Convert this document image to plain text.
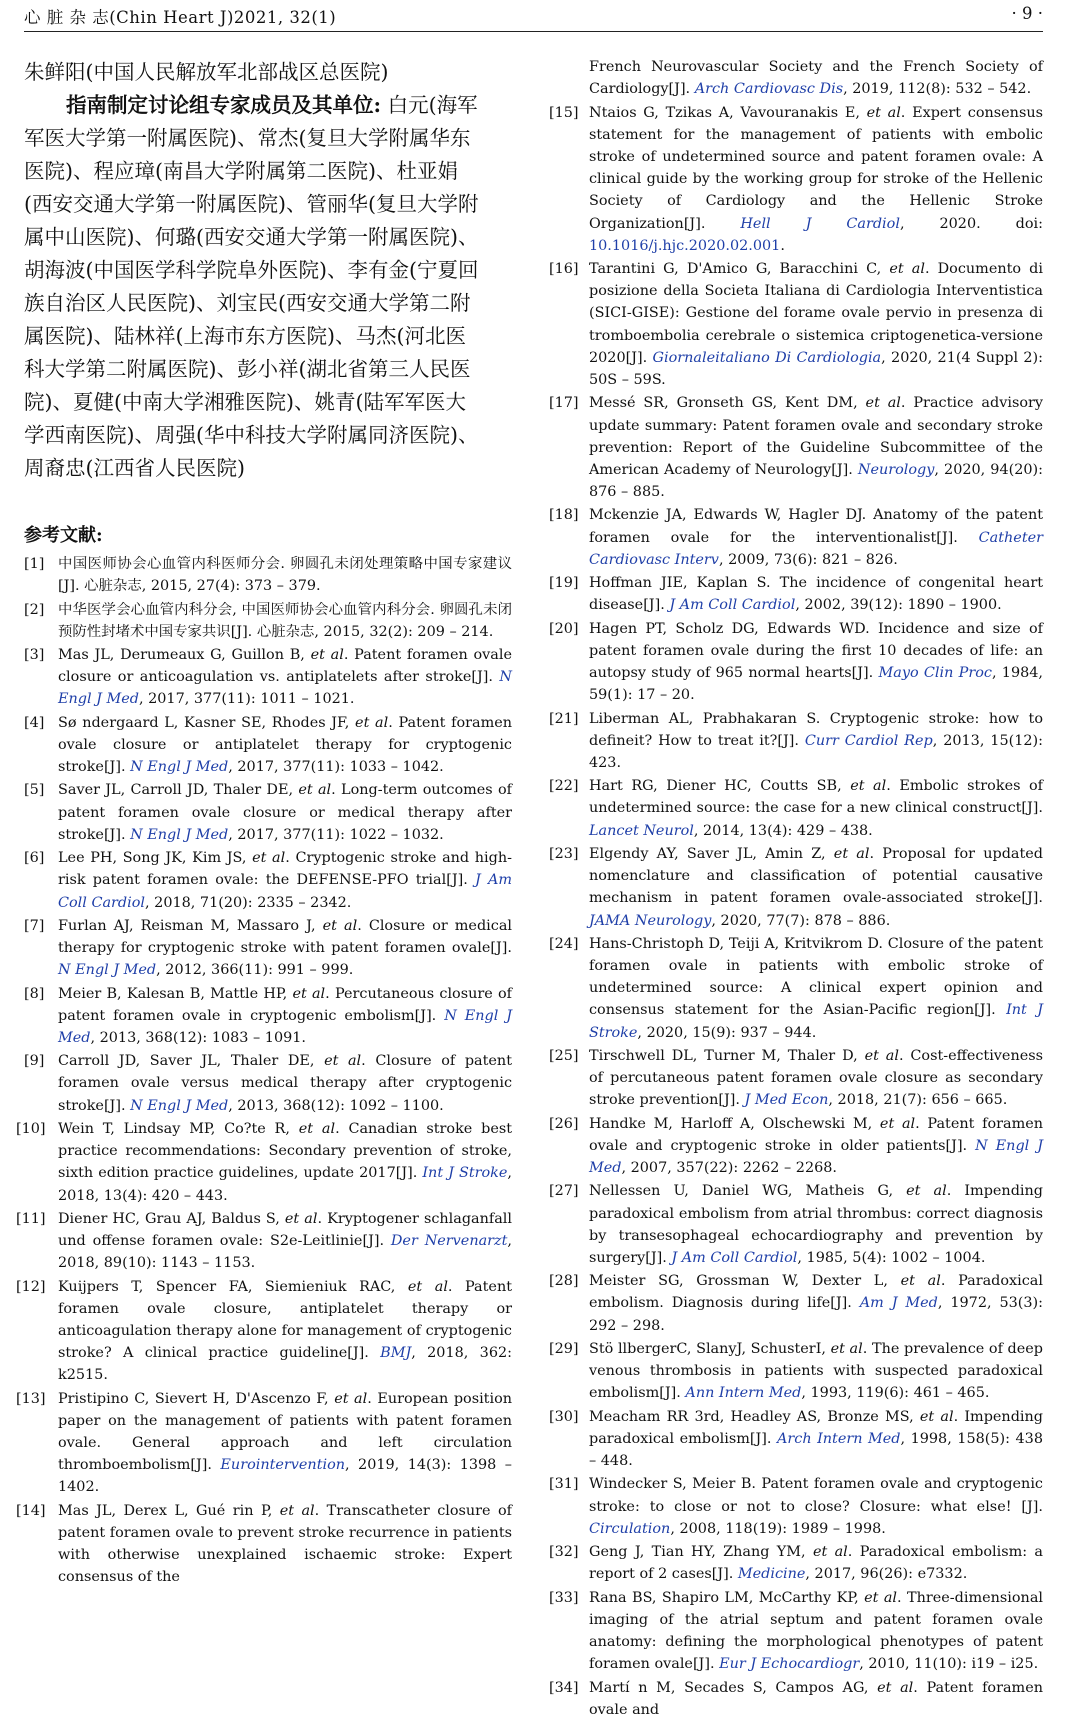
心 脏 杂 志(Chin Heart J)2021, 32(1)	· 9 ·
朱鲜阳(中国人民解放军北部战区总医院)
指南制定讨论组专家成员及其单位: 白元(海军
军医大学第一附属医院)、常杰(复旦大学附属华东
医院)、程应璋(南昌大学附属第二医院)、杜亚娟
(西安交通大学第一附属医院)、管丽华(复旦大学附
属中山医院)、何璐(西安交通大学第一附属医院)、
胡海波(中国医学科学院阜外医院)、李有金(宁夏回
族自治区人民医院)、刘宝民(西安交通大学第二附
属医院)、陆林祥(上海市东方医院)、马杰(河北医
科大学第二附属医院)、彭小祥(湖北省第三人民医
院)、夏健(中南大学湘雅医院)、姚青(陆军军医大
学西南医院)、周强(华中科技大学附属同济医院)、
周裔忠(江西省人民医院)
参考文献:
[1] 中国医师协会心血管内科医师分会. 卵圆孔未闭处理策略中国专家建议[J]. 心脏杂志, 2015, 27(4): 373 – 379.
[2] 中华医学会心血管内科分会, 中国医师协会心血管内科分会. 卵圆孔未闭预防性封堵术中国专家共识[J]. 心脏杂志, 2015, 32(2): 209 – 214.
[3] Mas JL, Derumeaux G, Guillon B, et al. Patent foramen ovale closure or anticoagulation vs. antiplatelets after stroke[J]. N Engl J Med, 2017, 377(11): 1011 – 1021.
[4] Sø ndergaard L, Kasner SE, Rhodes JF, et al. Patent foramen ovale closure or antiplatelet therapy for cryptogenic stroke[J]. N Engl J Med, 2017, 377(11): 1033 – 1042.
[5] Saver JL, Carroll JD, Thaler DE, et al. Long-term outcomes of patent foramen ovale closure or medical therapy after stroke[J]. N Engl J Med, 2017, 377(11): 1022 – 1032.
[6] Lee PH, Song JK, Kim JS, et al. Cryptogenic stroke and high-risk patent foramen ovale: the DEFENSE-PFO trial[J]. J Am Coll Cardiol, 2018, 71(20): 2335 – 2342.
[7] Furlan AJ, Reisman M, Massaro J, et al. Closure or medical therapy for cryptogenic stroke with patent foramen ovale[J]. N Engl J Med, 2012, 366(11): 991 – 999.
[8] Meier B, Kalesan B, Mattle HP, et al. Percutaneous closure of patent foramen ovale in cryptogenic embolism[J]. N Engl J Med, 2013, 368(12): 1083 – 1091.
[9] Carroll JD, Saver JL, Thaler DE, et al. Closure of patent foramen ovale versus medical therapy after cryptogenic stroke[J]. N Engl J Med, 2013, 368(12): 1092 – 1100.
[10] Wein T, Lindsay MP, Co?te R, et al. Canadian stroke best practice recommendations: Secondary prevention of stroke, sixth edition practice guidelines, update 2017[J]. Int J Stroke, 2018, 13(4): 420 – 443.
[11] Diener HC, Grau AJ, Baldus S, et al. Kryptogener schlaganfall und offense foramen ovale: S2e-Leitlinie[J]. Der Nervenarzt, 2018, 89(10): 1143 – 1153.
[12] Kuijpers T, Spencer FA, Siemieniuk RAC, et al. Patent foramen ovale closure, antiplatelet therapy or anticoagulation therapy alone for management of cryptogenic stroke? A clinical practice guideline[J]. BMJ, 2018, 362: k2515.
[13] Pristipino C, Sievert H, D'Ascenzo F, et al. European position paper on the management of patients with patent foramen ovale. General approach and left circulation thromboembolism[J]. Eurointervention, 2019, 14(3): 1398 – 1402.
[14] Mas JL, Derex L, Gué rin P, et al. Transcatheter closure of patent foramen ovale to prevent stroke recurrence in patients with otherwise unexplained ischaemic stroke: Expert consensus of the
French Neurovascular Society and the French Society of Cardiology[J]. Arch Cardiovasc Dis, 2019, 112(8): 532 – 542.
[15] Ntaios G, Tzikas A, Vavouranakis E, et al. Expert consensus statement for the management of patients with embolic stroke of undetermined source and patent foramen ovale: A clinical guide by the working group for stroke of the Hellenic Society of Cardiology and the Hellenic Stroke Organization[J]. Hell J Cardiol, 2020. doi: 10.1016/j.hjc.2020.02.001.
[16] Tarantini G, D'Amico G, Baracchini C, et al. Documento di posizione della Societa Italiana di Cardiologia Interventistica (SICI-GISE): Gestione del forame ovale pervio in presenza di tromboembolia cerebrale o sistemica criptogenetica-versione 2020[J]. Giornaleitaliano Di Cardiologia, 2020, 21(4 Suppl 2): 50S – 59S.
[17] Messé SR, Gronseth GS, Kent DM, et al. Practice advisory update summary: Patent foramen ovale and secondary stroke prevention: Report of the Guideline Subcommittee of the American Academy of Neurology[J]. Neurology, 2020, 94(20): 876 – 885.
[18] Mckenzie JA, Edwards W, Hagler DJ. Anatomy of the patent foramen ovale for the interventionalist[J]. Catheter Cardiovasc Interv, 2009, 73(6): 821 – 826.
[19] Hoffman JIE, Kaplan S. The incidence of congenital heart disease[J]. J Am Coll Cardiol, 2002, 39(12): 1890 – 1900.
[20] Hagen PT, Scholz DG, Edwards WD. Incidence and size of patent foramen ovale during the first 10 decades of life: an autopsy study of 965 normal hearts[J]. Mayo Clin Proc, 1984, 59(1): 17 – 20.
[21] Liberman AL, Prabhakaran S. Cryptogenic stroke: how to defineit? How to treat it?[J]. Curr Cardiol Rep, 2013, 15(12): 423.
[22] Hart RG, Diener HC, Coutts SB, et al. Embolic strokes of undetermined source: the case for a new clinical construct[J]. Lancet Neurol, 2014, 13(4): 429 – 438.
[23] Elgendy AY, Saver JL, Amin Z, et al. Proposal for updated nomenclature and classification of potential causative mechanism in patent foramen ovale-associated stroke[J]. JAMA Neurology, 2020, 77(7): 878 – 886.
[24] Hans-Christoph D, Teiji A, Kritvikrom D. Closure of the patent foramen ovale in patients with embolic stroke of undetermined source: A clinical expert opinion and consensus statement for the Asian-Pacific region[J]. Int J Stroke, 2020, 15(9): 937 – 944.
[25] Tirschwell DL, Turner M, Thaler D, et al. Cost-effectiveness of percutaneous patent foramen ovale closure as secondary stroke prevention[J]. J Med Econ, 2018, 21(7): 656 – 665.
[26] Handke M, Harloff A, Olschewski M, et al. Patent foramen ovale and cryptogenic stroke in older patients[J]. N Engl J Med, 2007, 357(22): 2262 – 2268.
[27] Nellessen U, Daniel WG, Matheis G, et al. Impending paradoxical embolism from atrial thrombus: correct diagnosis by transesophageal echocardiography and prevention by surgery[J]. J Am Coll Cardiol, 1985, 5(4): 1002 – 1004.
[28] Meister SG, Grossman W, Dexter L, et al. Paradoxical embolism. Diagnosis during life[J]. Am J Med, 1972, 53(3): 292 – 298.
[29] Stö llbergerC, SlanyJ, SchusterI, et al. The prevalence of deep venous thrombosis in patients with suspected paradoxical embolism[J]. Ann Intern Med, 1993, 119(6): 461 – 465.
[30] Meacham RR 3rd, Headley AS, Bronze MS, et al. Impending paradoxical embolism[J]. Arch Intern Med, 1998, 158(5): 438 – 448.
[31] Windecker S, Meier B. Patent foramen ovale and cryptogenic stroke: to close or not to close? Closure: what else! [J]. Circulation, 2008, 118(19): 1989 – 1998.
[32] Geng J, Tian HY, Zhang YM, et al. Paradoxical embolism: a report of 2 cases[J]. Medicine, 2017, 96(26): e7332.
[33] Rana BS, Shapiro LM, McCarthy KP, et al. Three-dimensional imaging of the atrial septum and patent foramen ovale anatomy: defining the morphological phenotypes of patent foramen ovale[J]. Eur J Echocardiogr, 2010, 11(10): i19 – i25.
[34] Martí n M, Secades S, Campos AG, et al. Patent foramen ovale and
